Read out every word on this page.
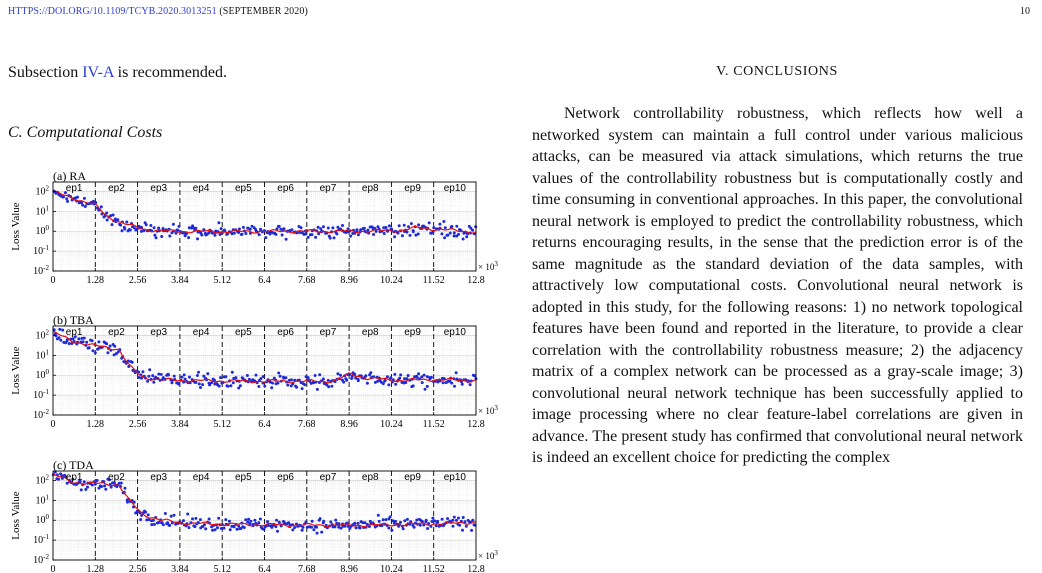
HTTPS://DOI.ORG/10.1109/TCYB.2020.3013251 (SEPTEMBER 2020)	10
Subsection IV-A is recommended.
C. Computational Costs
V. CONCLUSIONS
Network controllability robustness, which reflects how well a networked system can maintain a full control under various malicious attacks, can be measured via attack simulations, which returns the true values of the controllability robustness but is computationally costly and time consuming in conventional approaches. In this paper, the convolutional neural network is employed to predict the controllability robustness, which returns encouraging results, in the sense that the prediction error is of the same magnitude as the standard deviation of the data samples, with attractively low computational costs. Convolutional neural network is adopted in this study, for the following reasons: 1) no network topological features have been found and reported in the literature, to provide a clear correlation with the controllability robustness measure; 2) the adjacency matrix of a complex network can be processed as a gray-scale image; 3) convolutional neural network technique has been successfully applied to image processing where no clear feature-label correlations are given in advance. The present study has confirmed that convolutional neural network is indeed an excellent choice for predicting the complex
ep1	ep2	ep3	ep4	ep5	ep6	ep7	ep8	ep9 ep10
$10^{-2}$
$10^{-1}$
$10^0$
$10^1$
$10^2$
0	1.28 2.56 3.84 5.12	6.4	7.68 8.96 10.24 11.52 12.8
× $10^3$
(a) RA
Loss Value
ep1	ep2	ep3	ep4	ep5	ep6	ep7	ep8	ep9 ep10
$10^{-2}$
$10^{-1}$
$10^0$
$10^1$
$10^2$
0	1.28 2.56 3.84 5.12	6.4	7.68 8.96 10.24 11.52 12.8
× $10^3$
(b) TBA
Loss Value
ep1	ep2	ep3	ep4	ep5	ep6	ep7	ep8	ep9 ep10
$10^{-2}$
$10^{-1}$
$10^0$
$10^1$
$10^2$
0	1.28 2.56 3.84 5.12	6.4	7.68 8.96 10.24 11.52 12.8
× $10^3$
(c) TDA
Loss Value
